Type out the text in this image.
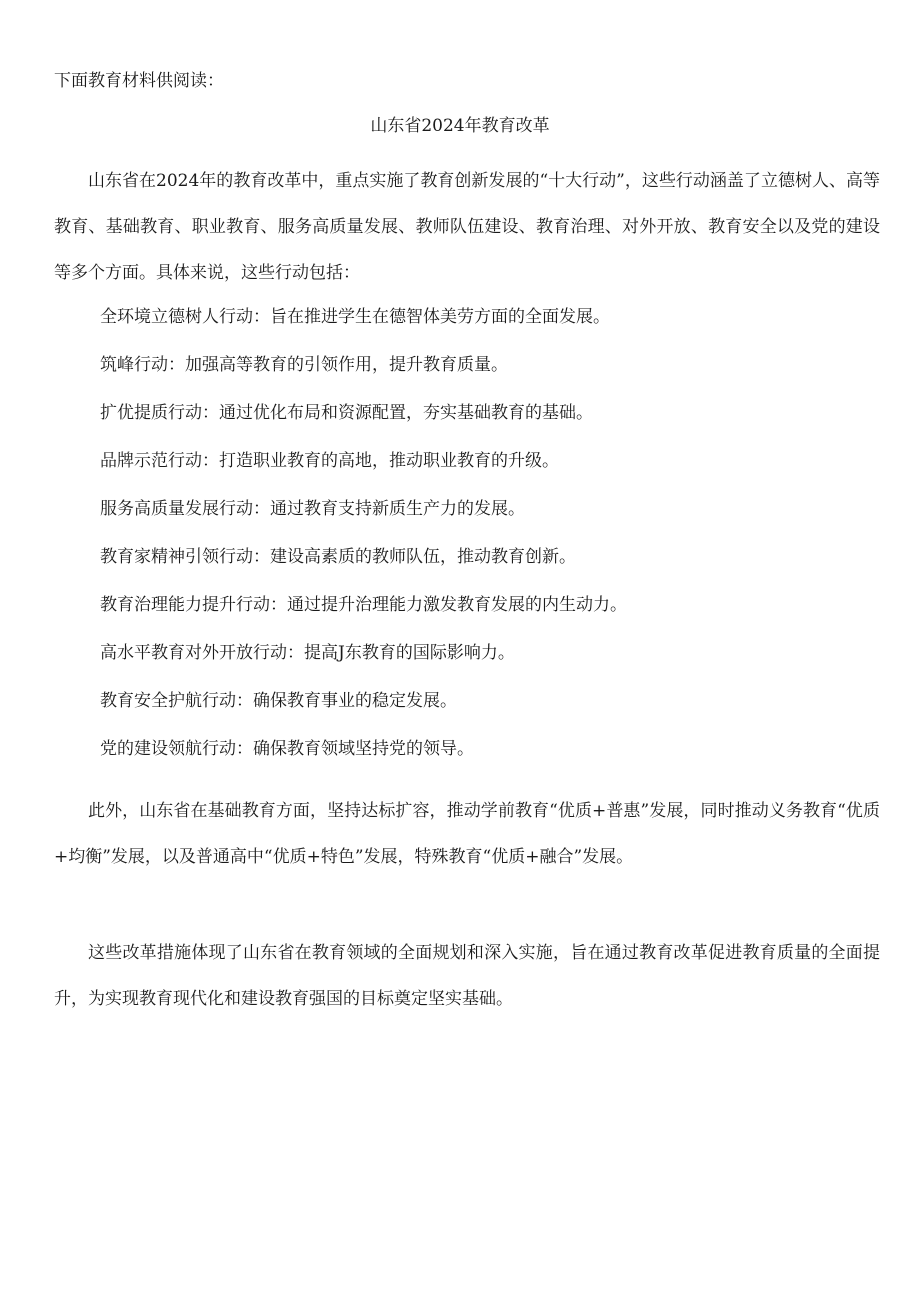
下面教育材料供阅读：
山东省2024年教育改革
山东省在2024年的教育改革中，重点实施了教育创新发展的“十大行动”，这些行动涵盖了立德树人、高等教育、基础教育、职业教育、服务高质量发展、教师队伍建设、教育治理、对外开放、教育安全以及党的建设等多个方面。具体来说，这些行动包括：
全环境立德树人行动：旨在推进学生在德智体美劳方面的全面发展。
筑峰行动：加强高等教育的引领作用，提升教育质量。
扩优提质行动：通过优化布局和资源配置，夯实基础教育的基础。
品牌示范行动：打造职业教育的高地，推动职业教育的升级。
服务高质量发展行动：通过教育支持新质生产力的发展。
教育家精神引领行动：建设高素质的教师队伍，推动教育创新。
教育治理能力提升行动：通过提升治理能力激发教育发展的内生动力。
高水平教育对外开放行动：提高J东教育的国际影响力。
教育安全护航行动：确保教育事业的稳定发展。
党的建设领航行动：确保教育领域坚持党的领导。
此外，山东省在基础教育方面，坚持达标扩容，推动学前教育“优质+普惠”发展，同时推动义务教育“优质+均衡”发展，以及普通高中“优质+特色”发展，特殊教育“优质+融合”发展。
这些改革措施体现了山东省在教育领域的全面规划和深入实施，旨在通过教育改革促进教育质量的全面提升，为实现教育现代化和建设教育强国的目标奠定坚实基础。
